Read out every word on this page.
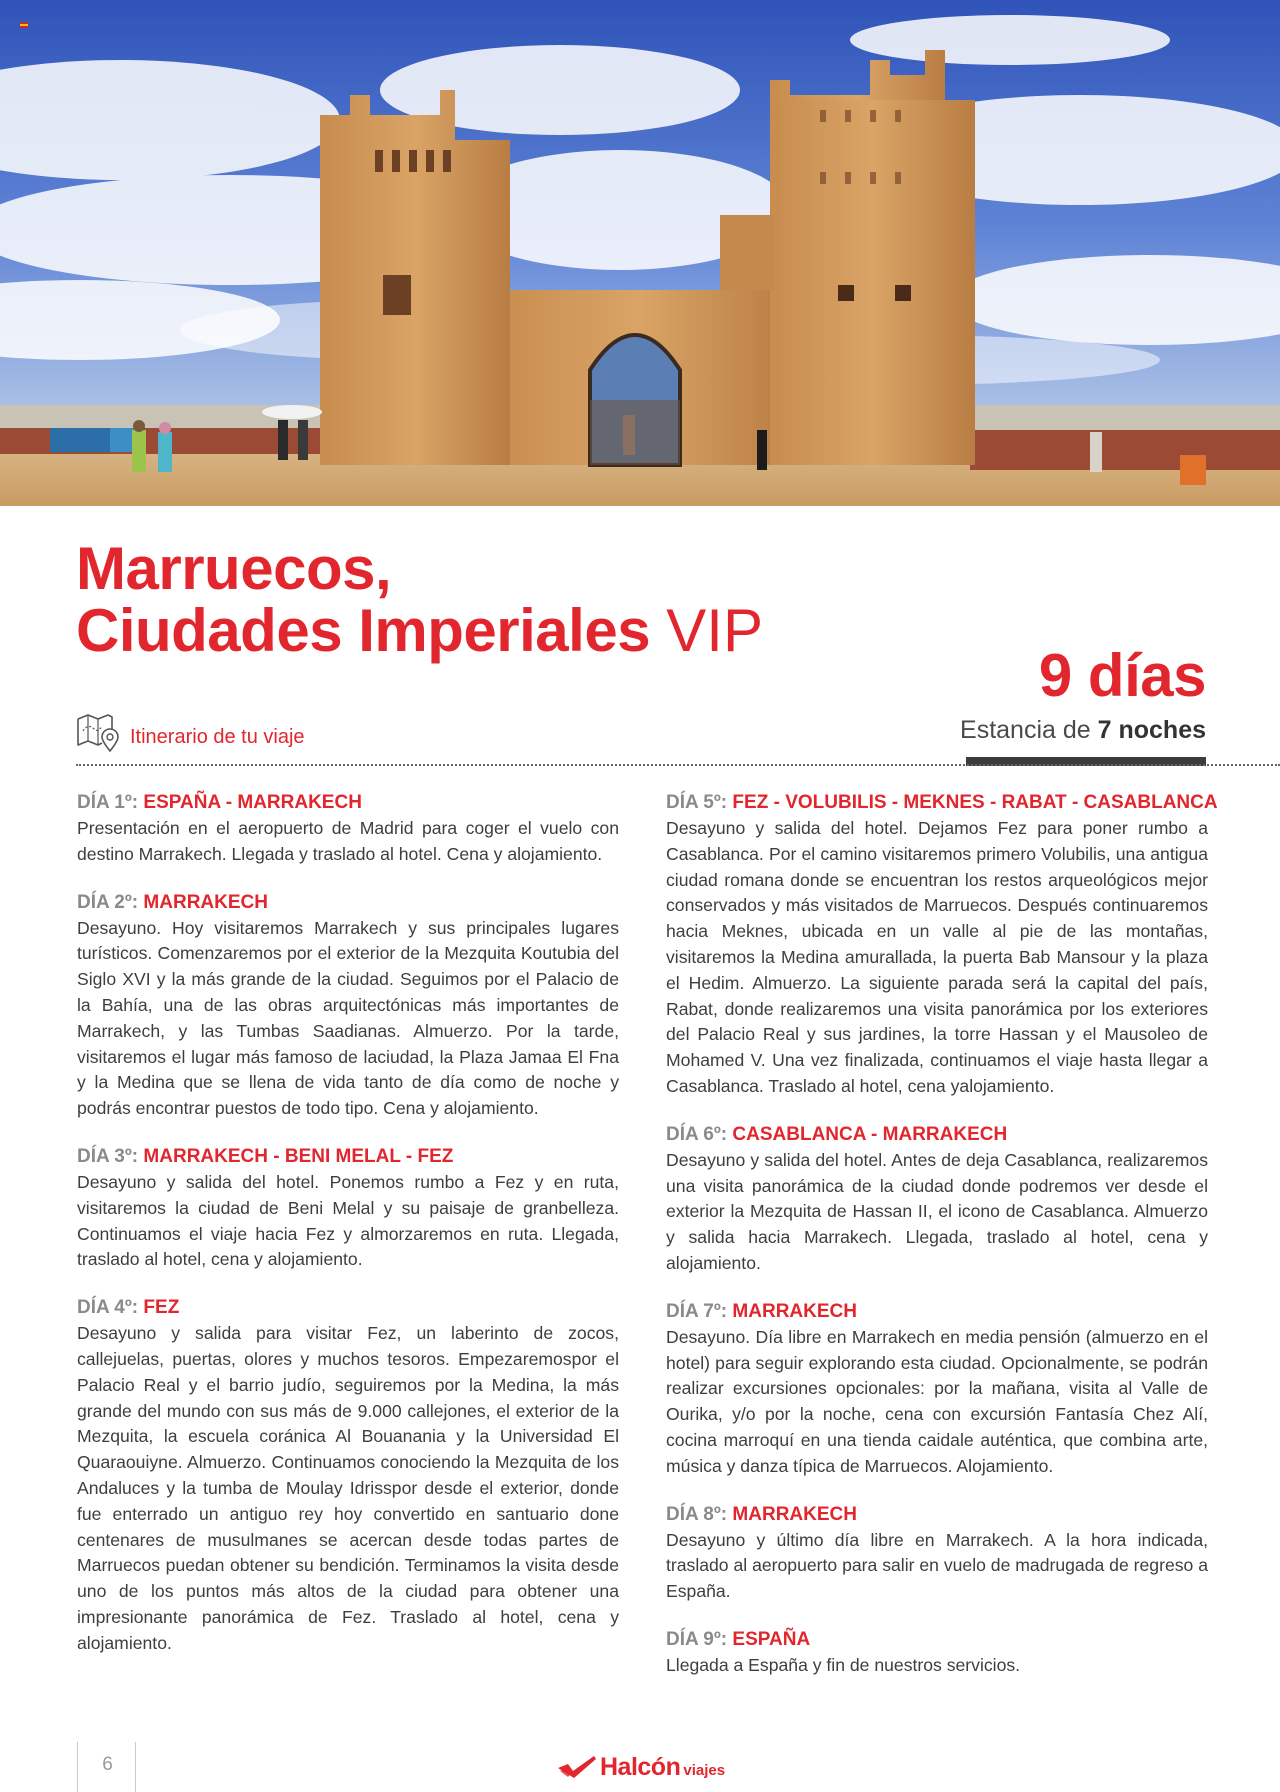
Marruecos,
Ciudades Imperiales VIP
9 días
Estancia de 7 noches
Itinerario de tu viaje
DÍA 1º: ESPAÑA - MARRAKECH

Presentación en el aeropuerto de Madrid para coger el vuelo con destino Marrakech. Llegada y traslado al hotel. Cena y alojamiento.

DÍA 2º: MARRAKECH

Desayuno. Hoy visitaremos Marrakech y sus principales lugares turísticos. Comenzaremos por el exterior de la Mezquita Koutubia del Siglo XVI y la más grande de la ciudad. Seguimos por el Palacio de la Bahía, una de las obras arquitectónicas más importantes de Marrakech, y las Tumbas Saadianas. Almuerzo. Por la tarde, visitaremos el lugar más famoso de laciudad, la Plaza Jamaa El Fna y la Medina que se llena de vida tanto de día como de noche y podrás encontrar puestos de todo tipo. Cena y alojamiento.

DÍA 3º: MARRAKECH - BENI MELAL - FEZ

Desayuno y salida del hotel. Ponemos rumbo a Fez y en ruta, visitaremos la ciudad de Beni Melal y su paisaje de granbelleza. Continuamos el viaje hacia Fez y almorzaremos en ruta. Llegada, traslado al hotel, cena y alojamiento.

DÍA 4º: FEZ

Desayuno y salida para visitar Fez, un laberinto de zocos, callejuelas, puertas, olores y muchos tesoros. Empezaremospor el Palacio Real y el barrio judío, seguiremos por la Medina, la más grande del mundo con sus más de 9.000 callejones, el exterior de la Mezquita, la escuela coránica Al Bouanania y la Universidad El Quaraouiyne. Almuerzo. Continuamos conociendo la Mezquita de los Andaluces y la tumba de Moulay Idrisspor desde el exterior, donde fue enterrado un antiguo rey hoy convertido en santuario done centenares de musulmanes se acercan desde todas partes de Marruecos puedan obtener su bendición. Terminamos la visita desde uno de los puntos más altos de la ciudad para obtener una impresionante panorámica de Fez. Traslado al hotel, cena y alojamiento.

DÍA 5º: FEZ - VOLUBILIS - MEKNES - RABAT - CASABLANCA

Desayuno y salida del hotel. Dejamos Fez para poner rumbo a Casablanca. Por el camino visitaremos primero Volubilis, una antigua ciudad romana donde se encuentran los restos arqueológicos mejor conservados y más visitados de Marruecos. Después continuaremos hacia Meknes, ubicada en un valle al pie de las montañas, visitaremos la Medina amurallada, la puerta Bab Mansour y la plaza el Hedim. Almuerzo. La siguiente parada será la capital del país, Rabat, donde realizaremos una visita panorámica por los exteriores del Palacio Real y sus jardines, la torre Hassan y el Mausoleo de Mohamed V. Una vez finalizada, continuamos el viaje hasta llegar a Casablanca. Traslado al hotel, cena yalojamiento.

DÍA 6º: CASABLANCA - MARRAKECH

Desayuno y salida del hotel. Antes de deja Casablanca, realizaremos una visita panorámica de la ciudad donde podremos ver desde el exterior la Mezquita de Hassan II, el icono de Casablanca. Almuerzo y salida hacia Marrakech. Llegada, traslado al hotel, cena y alojamiento.

DÍA 7º: MARRAKECH

Desayuno. Día libre en Marrakech en media pensión (almuerzo en el hotel) para seguir explorando esta ciudad. Opcionalmente, se podrán realizar excursiones opcionales: por la mañana, visita al Valle de Ourika, y/o por la noche, cena con excursión Fantasía Chez Alí, cocina marroquí en una tienda caidale auténtica, que combina arte, música y danza típica de Marruecos. Alojamiento.

DÍA 8º: MARRAKECH

Desayuno y último día libre en Marrakech. A la hora indicada, traslado al aeropuerto para salir en vuelo de madrugada de regreso a España.

DÍA 9º: ESPAÑA

Llegada a España y fin de nuestros servicios.

6	Halcón viajes
